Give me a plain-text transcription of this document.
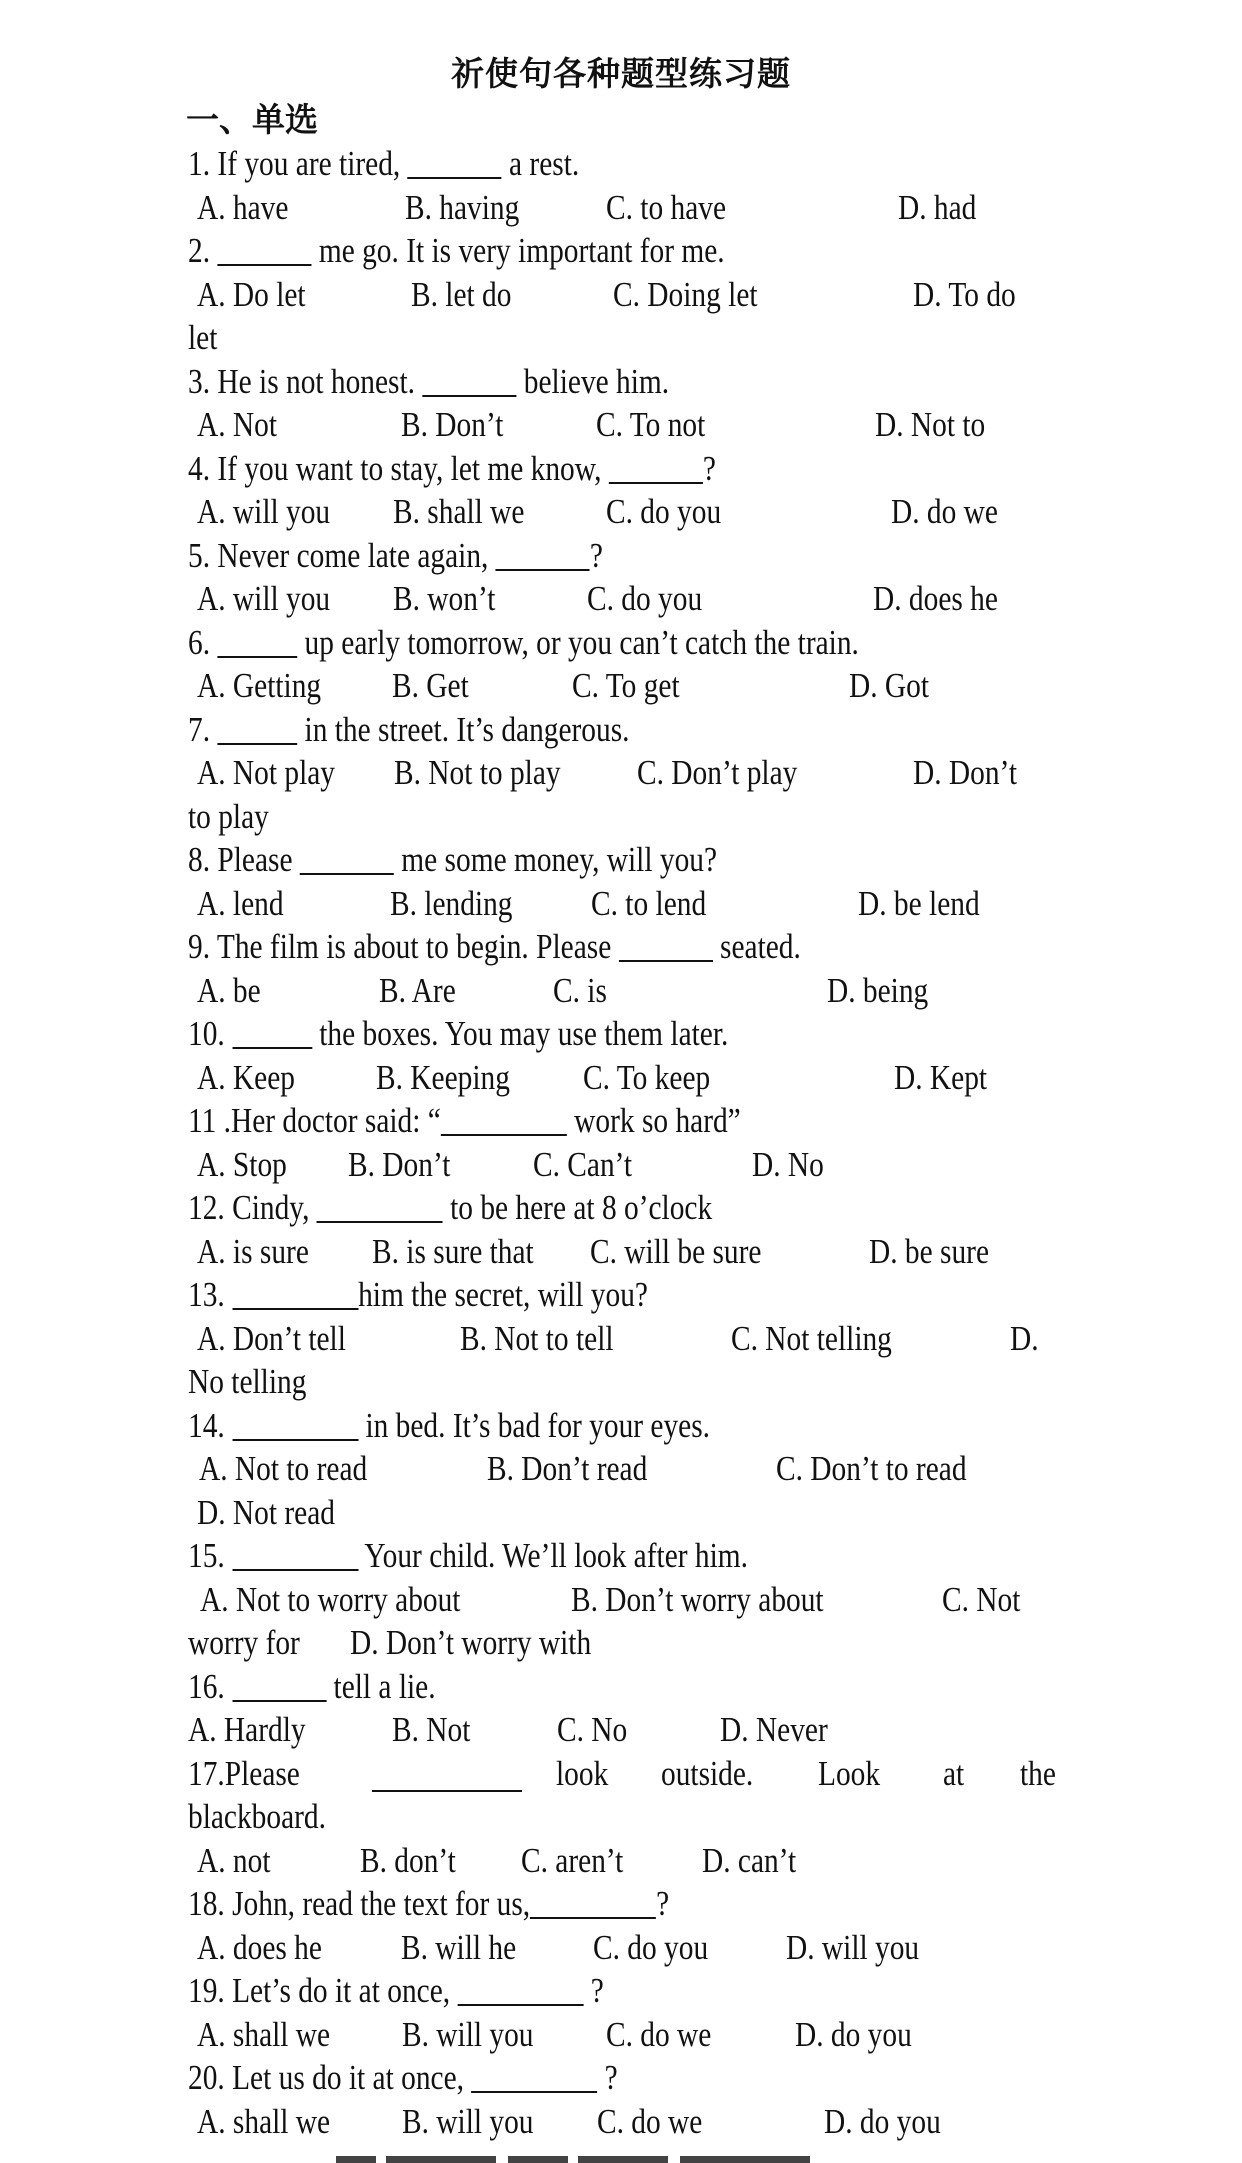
祈使句各种题型练习题
一、单选
1. If you are tired,	a rest.
A. have	B. having C. to have	D. had
2.	me go. It is very important for me.
A. Do let	B. let do	C. Doing let	D. To do
let
3. He is not honest.	believe him.
A. Not	B. Don’t	C. To not	D. Not to
4. If you want to stay, let me know,	?
A. will you B. shall we C. do you	D. do we
5. Never come late again,	?
A. will you B. won’t	C. do you	D. does he
6.	up early tomorrow, or you can’t catch the train.
A. Getting B. Get	C. To get	D. Got
7.	in the street. It’s dangerous.
A. Not play B. Not to play C. Don’t play	D. Don’t
to play
8. Please	me some money, will you?
A. lend	B. lending C. to lend	D. be lend
9. The film is about to begin. Please	seated.
A. be	B. Are	C. is	D. being
10.	the boxes. You may use them later.
A. Keep B. Keeping C. To keep	D. Kept
11 .Her doctor said: “	work so hard”
A. Stop B. Don’t C. Can’t	D. No
12. Cindy,	to be here at 8 o’clock
A. is sure B. is sure that C. will be sure	D. be sure
13.	him the secret, will you?
A. Don’t tell	B. Not to tell	C. Not telling	D.
No telling
14.	in bed. It’s bad for your eyes.
A. Not to read	B. Don’t read	C. Don’t to read
D. Not read
15.	Your child. We’ll look after him.
A. Not to worry about	B. Don’t worry about	C. Not
worry for D. Don’t worry with
16.	tell a lie.
A. Hardly B. Not C. No	D. Never
17.Please	look outside. Look at the
blackboard.
A. not	B. don’t C. aren’t D. can’t
18. John, read the text for us,	?
A. does he B. will he C. do you D. will you
19. Let’s do it at once,	?
A. shall we B. will you C. do we D. do you
20. Let us do it at once,	?
A. shall we B. will you C. do we	D. do you
